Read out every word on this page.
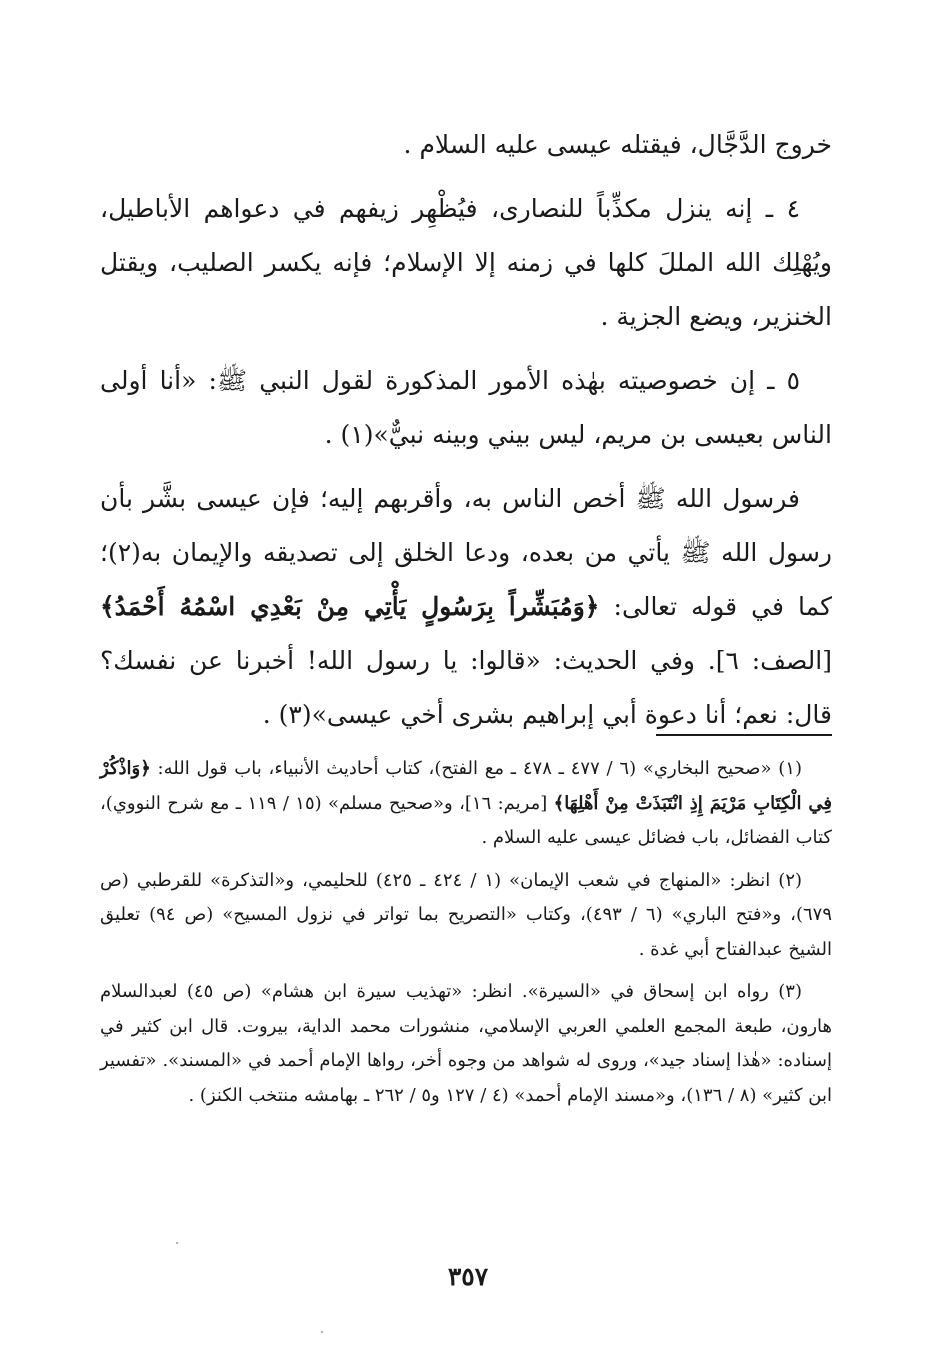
خروج الدَّجَّال، فيقتله عيسى عليه السلام .

٤ ـ إنه ينزل مكذِّباً للنصارى، فيُظْهِر زيفهم في دعواهم الأباطيل، ويُهْلِك الله المللَ كلها في زمنه إلا الإسلام؛ فإنه يكسر الصليب، ويقتل الخنزير، ويضع الجزية .

٥ ـ إن خصوصيته بهٰذه الأمور المذكورة لقول النبي ﷺ: «أنا أولى الناس بعيسى بن مريم، ليس بيني وبينه نبيٌّ»(١) .

فرسول الله ﷺ أخص الناس به، وأقربهم إليه؛ فإن عيسى بشَّر بأن رسول الله ﷺ يأتي من بعده، ودعا الخلق إلى تصديقه والإيمان به(٢)؛ كما في قوله تعالى: ﴿وَمُبَشِّراً بِرَسُولٍ يَأْتِي مِنْ بَعْدِي اسْمُهُ أَحْمَدُ﴾ [الصف: ٦]. وفي الحديث: «قالوا: يا رسول الله! أخبرنا عن نفسك؟ قال: نعم؛ أنا دعوة أبي إبراهيم بشرى أخي عيسى»(٣) .

(١) «صحيح البخاري» (٦ / ٤٧٧ ـ ٤٧٨ ـ مع الفتح)، كتاب أحاديث الأنبياء، باب قول الله: ﴿وَاذْكُرْ فِي الْكِتَابِ مَرْيَمَ إِذِ انْتَبَذَتْ مِنْ أَهْلِهَا﴾ [مريم: ١٦]، و«صحيح مسلم» (١٥ / ١١٩ ـ مع شرح النووي)، كتاب الفضائل، باب فضائل عيسى عليه السلام .

(٢) انظر: «المنهاج في شعب الإيمان» (١ / ٤٢٤ ـ ٤٢٥) للحليمي، و«التذكرة» للقرطبي (ص ٦٧٩)، و«فتح الباري» (٦ / ٤٩٣)، وكتاب «التصريح بما تواتر في نزول المسيح» (ص ٩٤) تعليق الشيخ عبدالفتاح أبي غدة .

(٣) رواه ابن إسحاق في «السيرة». انظر: «تهذيب سيرة ابن هشام» (ص ٤٥) لعبدالسلام هارون، طبعة المجمع العلمي العربي الإسلامي، منشورات محمد الداية، بيروت. قال ابن كثير في إسناده: «هٰذا إسناد جيد»، وروى له شواهد من وجوه أخر، رواها الإمام أحمد في «المسند». «تفسير ابن كثير» (٨ / ١٣٦)، و«مسند الإمام أحمد» (٤ / ١٢٧ و٥ / ٢٦٢ ـ بهامشه منتخب الكنز) .

٣٥٧
